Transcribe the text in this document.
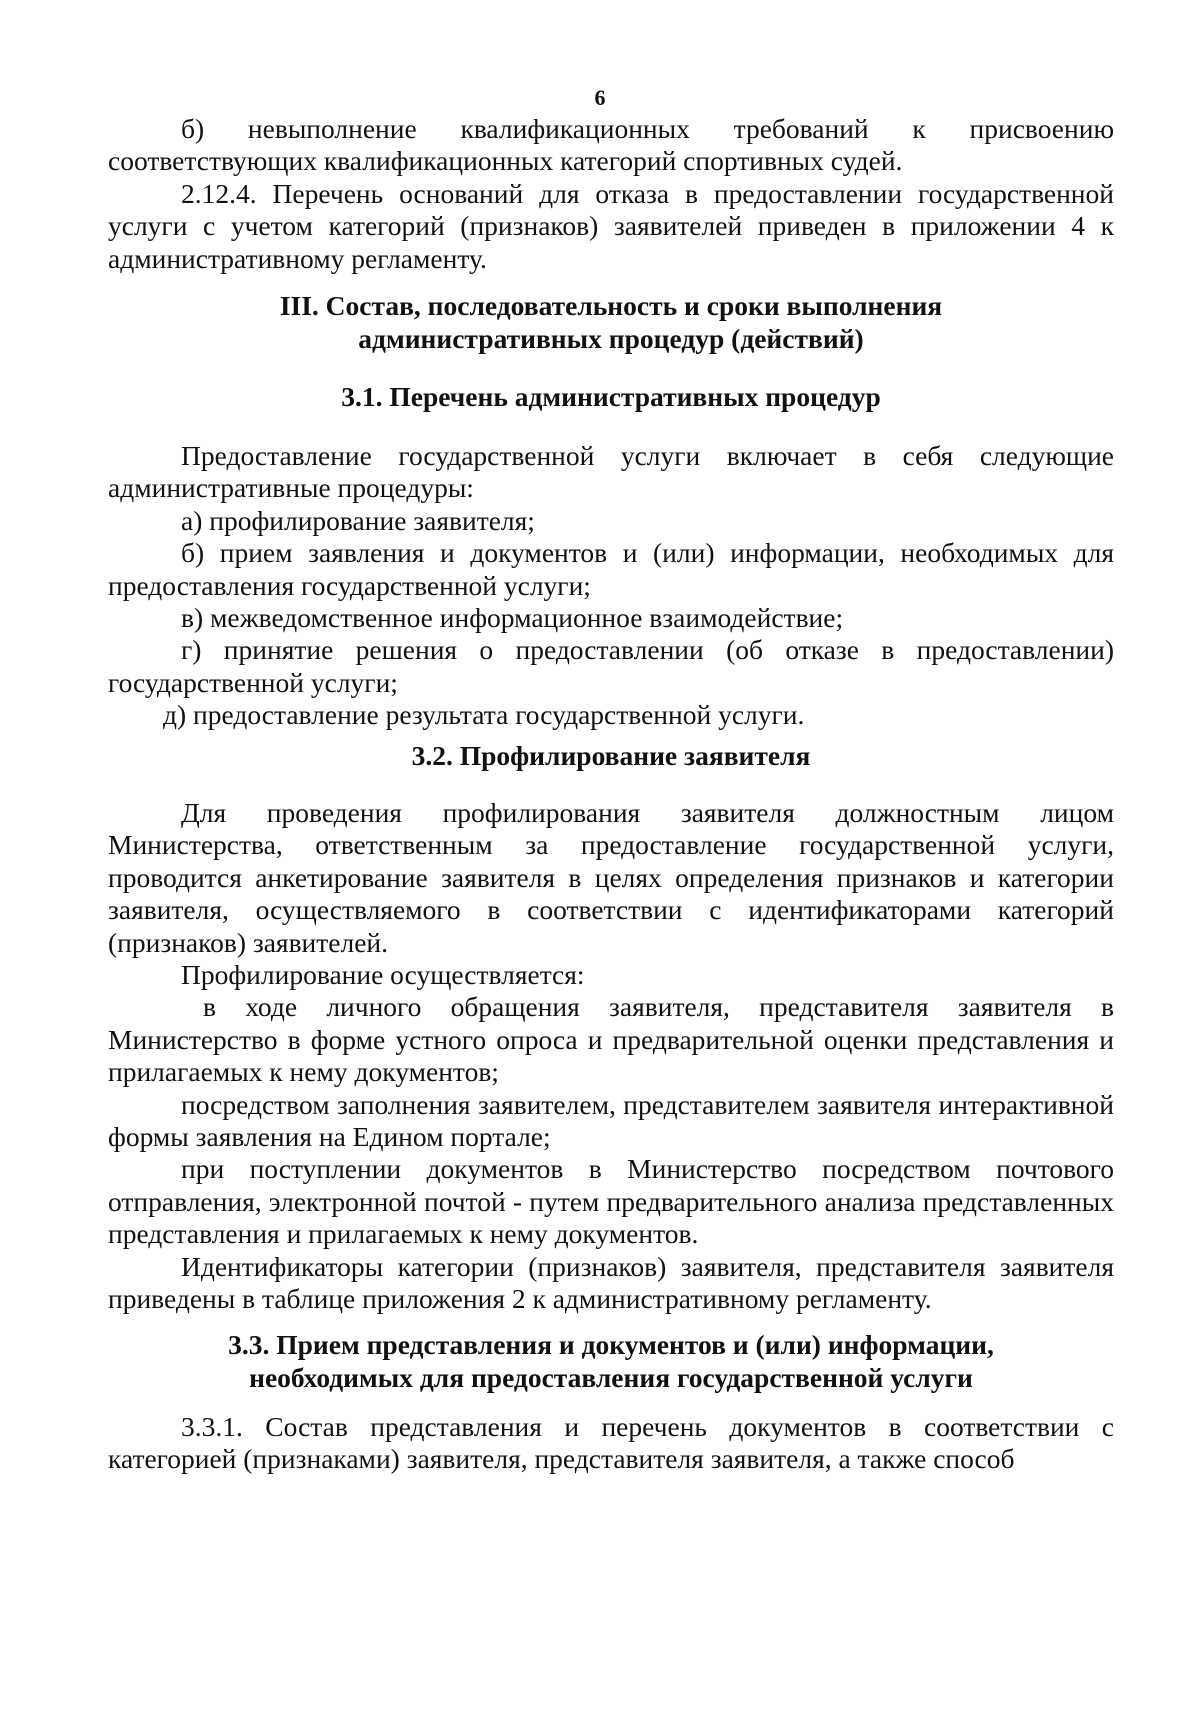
6

б) невыполнение квалификационных требований к присвоению соответствующих квалификационных категорий спортивных судей.

2.12.4. Перечень оснований для отказа в предоставлении государственной услуги с учетом категорий (признаков) заявителей приведен в приложении 4 к административному регламенту.

III. Состав, последовательность и сроки выполнения
административных процедур (действий)
3.1. Перечень административных процедур

Предоставление государственной услуги включает в себя следующие административные процедуры:

а) профилирование заявителя;

б) прием заявления и документов и (или) информации, необходимых для предоставления государственной услуги;

в) межведомственное информационное взаимодействие;

г) принятие решения о предоставлении (об отказе в предоставлении) государственной услуги;

д) предоставление результата государственной услуги.

3.2. Профилирование заявителя

Для проведения профилирования заявителя должностным лицом Министерства, ответственным за предоставление государственной услуги, проводится анкетирование заявителя в целях определения признаков и категории заявителя, осуществляемого в соответствии с идентификаторами категорий (признаков) заявителей.

Профилирование осуществляется:

в ходе личного обращения заявителя, представителя заявителя в Министерство в форме устного опроса и предварительной оценки представления и прилагаемых к нему документов;

посредством заполнения заявителем, представителем заявителя интерактивной формы заявления на Едином портале;

при поступлении документов в Министерство посредством почтового отправления, электронной почтой - путем предварительного анализа представленных представления и прилагаемых к нему документов.

Идентификаторы категории (признаков) заявителя, представителя заявителя приведены в таблице приложения 2 к административному регламенту.

3.3. Прием представления и документов и (или) информации,
необходимых для предоставления государственной услуги

3.3.1. Состав представления и перечень документов в соответствии с категорией (признаками) заявителя, представителя заявителя, а также способ
